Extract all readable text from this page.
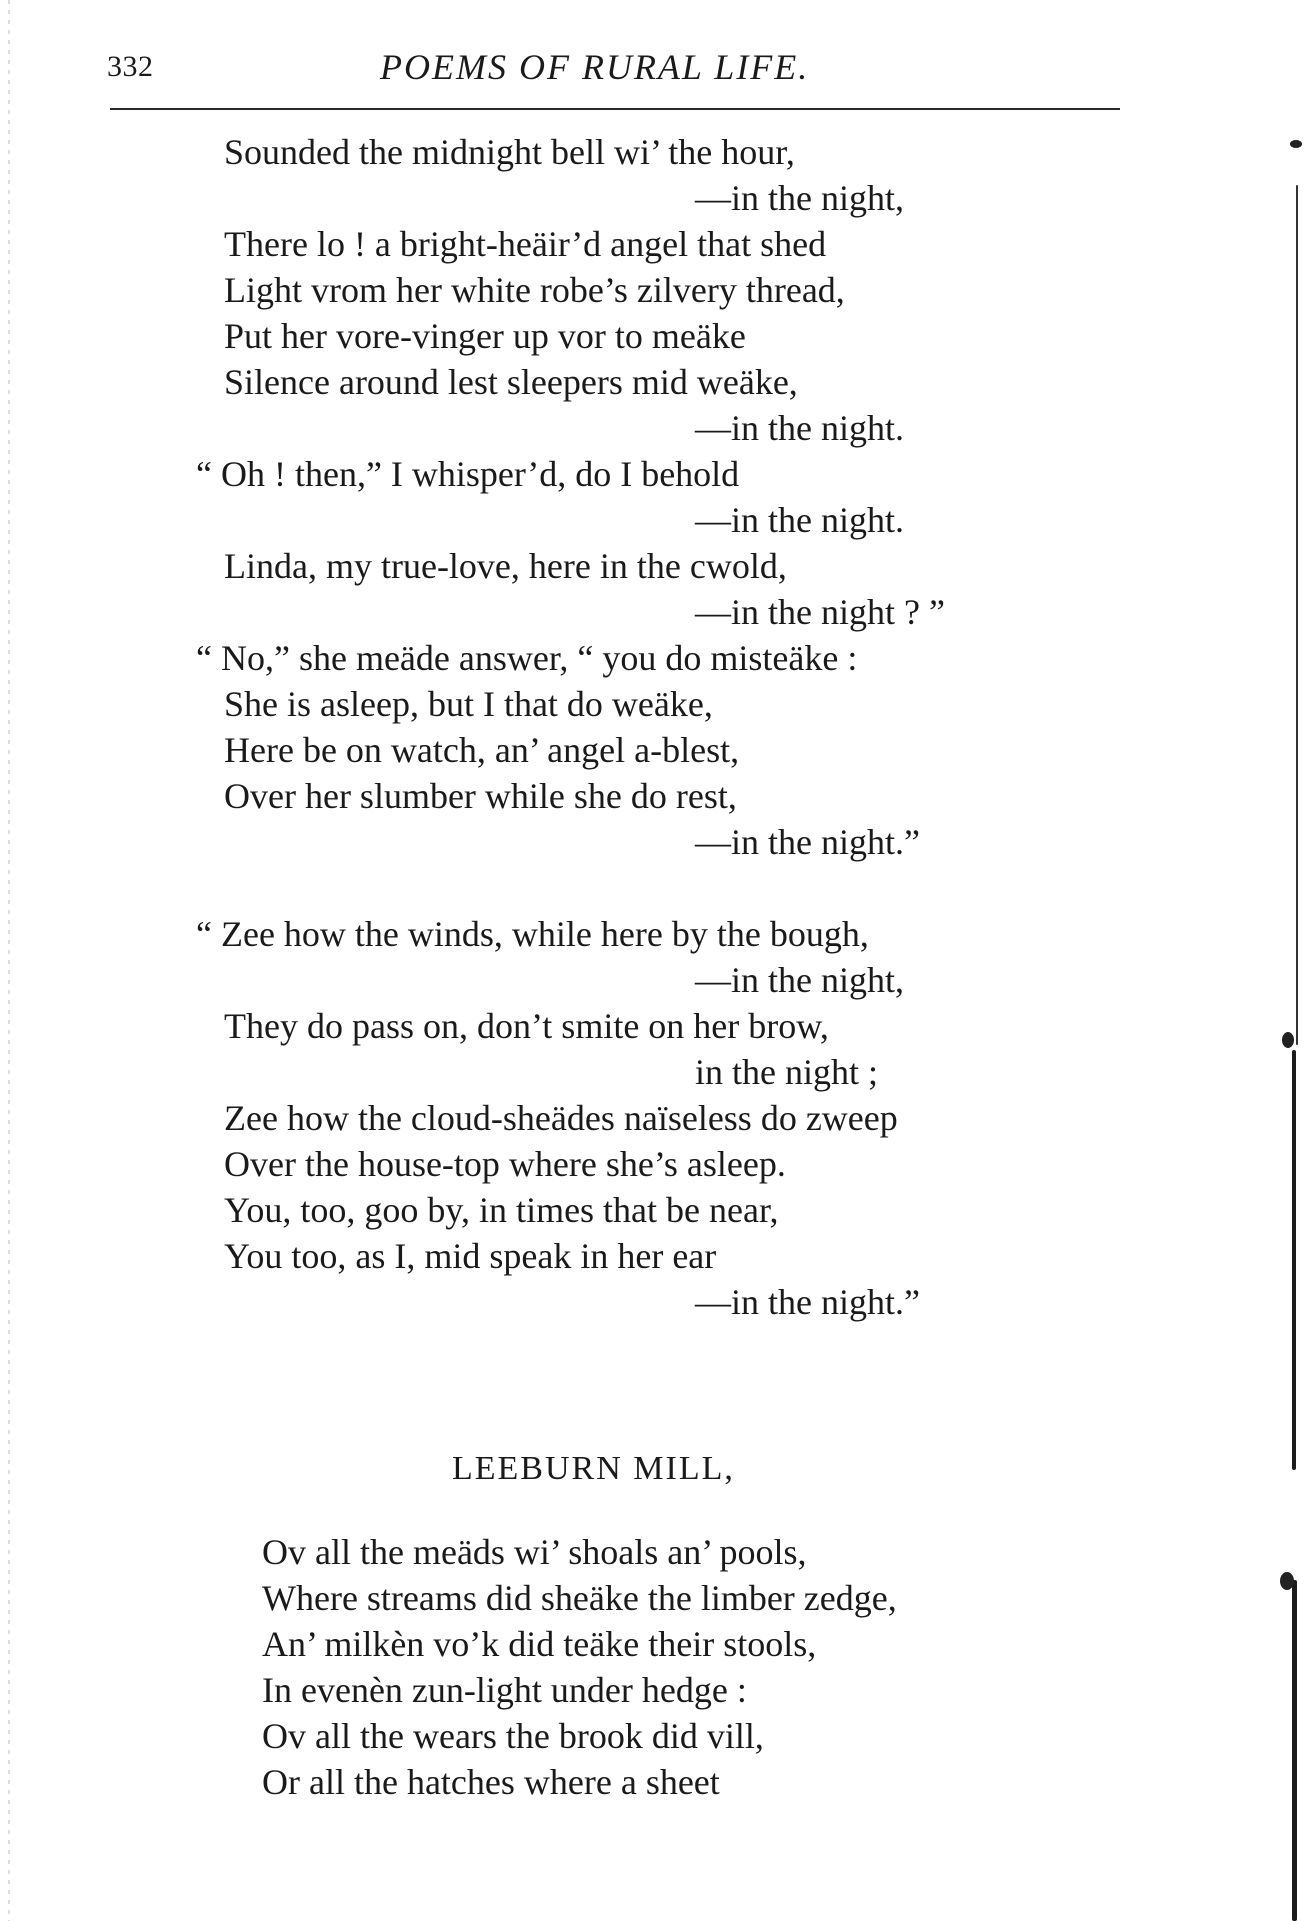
332	POEMS OF RURAL LIFE.
Sounded the midnight bell wi’ the hour,
—in the night,
There lo ! a bright-heäir’d angel that shed
Light vrom her white robe’s zilvery thread,
Put her vore-vinger up vor to meäke
Silence around lest sleepers mid weäke,
—in the night.
“ Oh ! then,” I whisper’d, do I behold
—in the night.
Linda, my true-love, here in the cwold,
—in the night ? ”
“ No,” she meäde answer, “ you do misteäke :
She is asleep, but I that do weäke,
Here be on watch, an’ angel a-blest,
Over her slumber while she do rest,
—in the night.”
“ Zee how the winds, while here by the bough,
—in the night,
They do pass on, don’t smite on her brow,
in the night ;
Zee how the cloud-sheädes naïseless do zweep
Over the house-top where she’s asleep.
You, too, goo by, in times that be near,
You too, as I, mid speak in her ear
—in the night.”
LEEBURN MILL,
Ov all the meäds wi’ shoals an’ pools,
Where streams did sheäke the limber zedge,
An’ milkèn vo’k did teäke their stools,
In evenèn zun-light under hedge :
Ov all the wears the brook did vill,
Or all the hatches where a sheet
